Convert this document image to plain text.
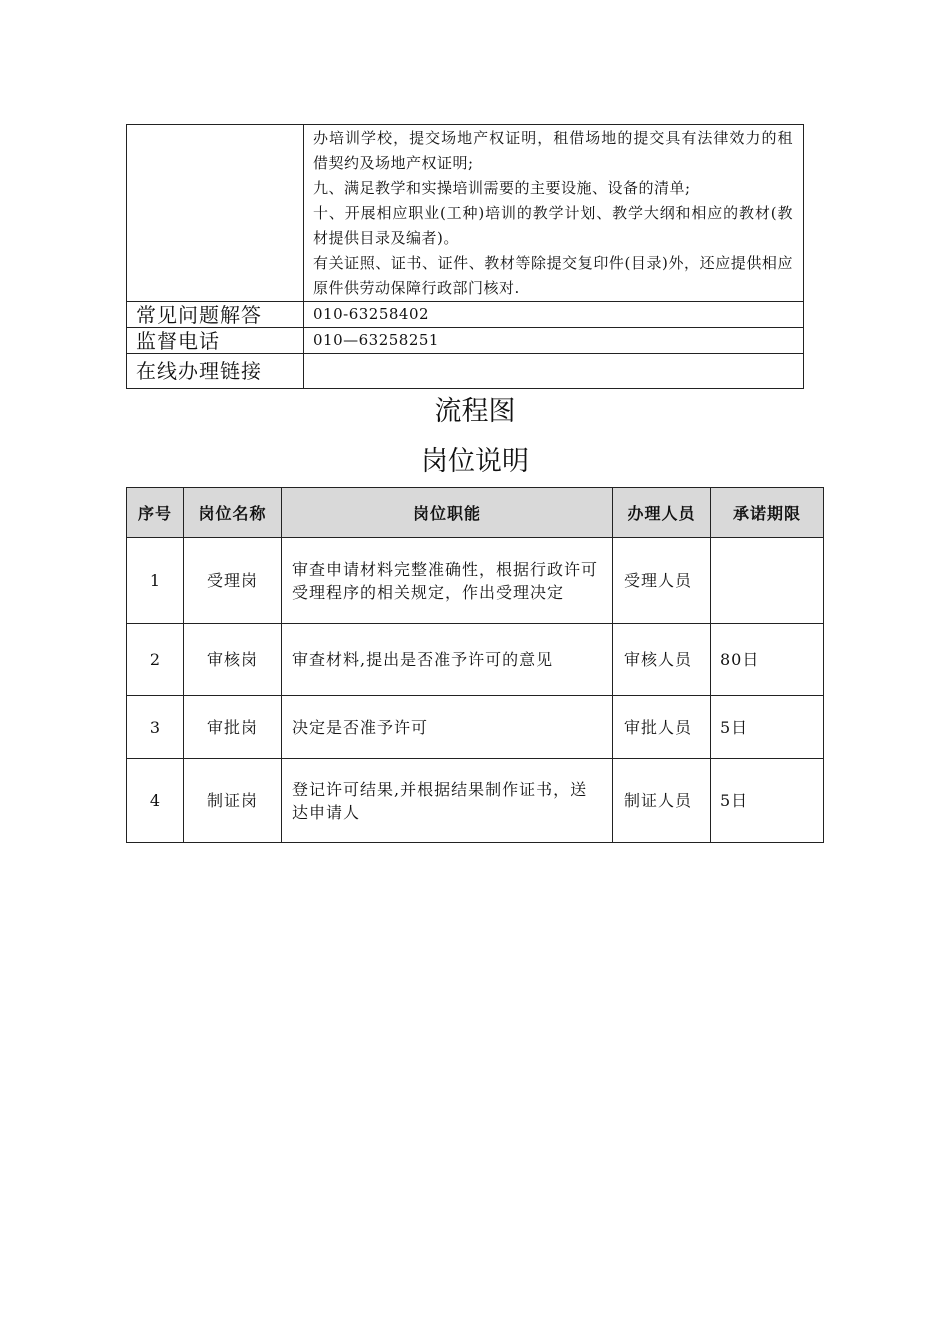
	办培训学校，提交场地产权证明，租借场地的提交具有法律效力的租借契约及场地产权证明;

九、满足教学和实操培训需要的主要设施、设备的清单;

十、开展相应职业(工种)培训的教学计划、教学大纲和相应的教材(教材提供目录及编者)。

有关证照、证书、证件、教材等除提交复印件(目录)外，还应提供相应原件供劳动保障行政部门核对.

常见问题解答	010-63258402
监督电话	010—63258251
在线办理链接	
流程图
岗位说明
序号	岗位名称	岗位职能	办理人员	承诺期限
1	受理岗	审查申请材料完整准确性，根据行政许可受理程序的相关规定，作出受理决定	受理人员	
2	审核岗	审查材料,提出是否准予许可的意见	审核人员	80日
3	审批岗	决定是否准予许可	审批人员	5日
4	制证岗	登记许可结果,并根据结果制作证书，送达申请人	制证人员	5日
